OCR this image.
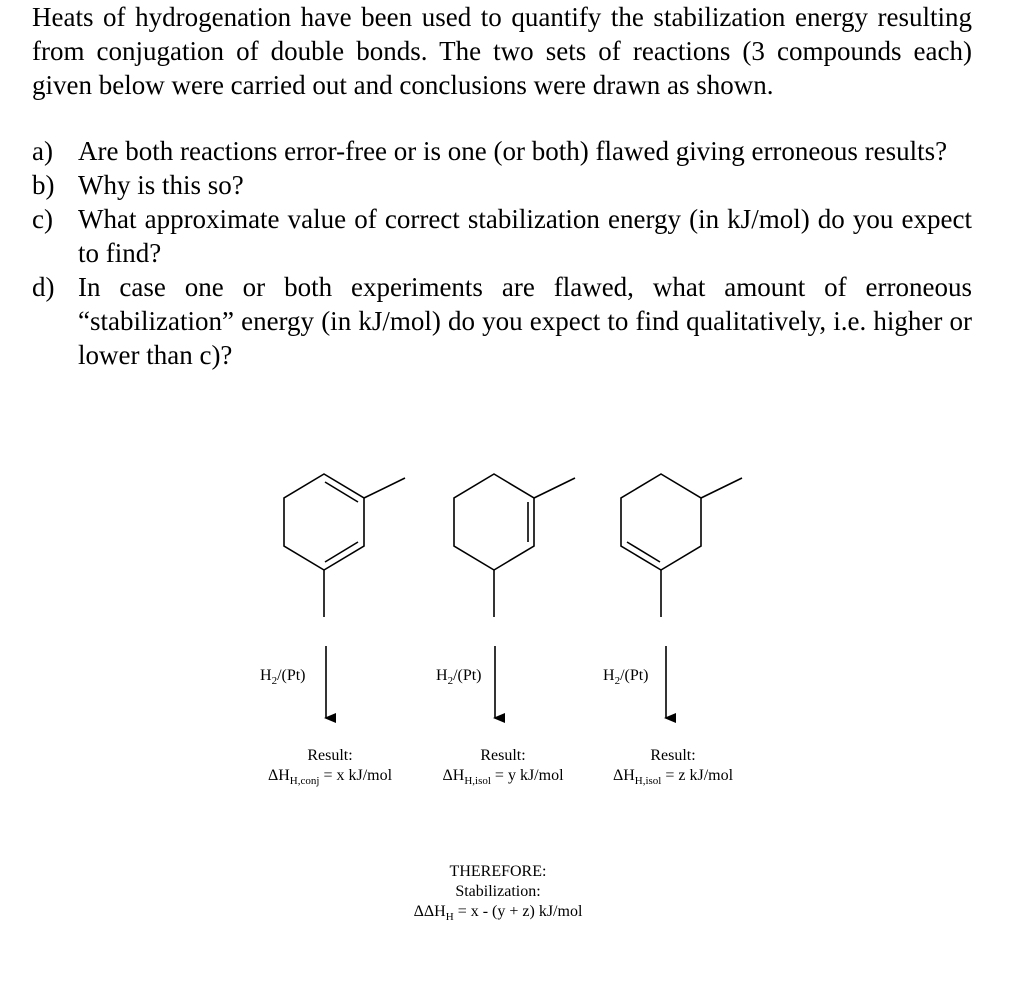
Heats of hydrogenation have been used to quantify the stabilization energy resulting from conjugation of double bonds. The two sets of reactions (3 compounds each) given below were carried out and conclusions were drawn as shown.
a) Are both reactions error-free or is one (or both) flawed giving erroneous results?
b) Why is this so?
c) What approximate value of correct stabilization energy (in kJ/mol) do you expect to find?
d) In case one or both experiments are flawed, what amount of erroneous “stabilization” energy (in kJ/mol) do you expect to find qualitatively, i.e. higher or lower than c)?
$H_2/(Pt)$	$H_2/(Pt)$	$H_2/(Pt)$
Result:
$\Delta H_{H,conj} = x$ kJ/mol
Result:
$\Delta H_{H,isol} = y$ kJ/mol
Result:
$\Delta H_{H,isol} = z$ kJ/mol
THEREFORE:
Stabilization:
$\Delta\Delta H_H = x - (y + z)$ kJ/mol
